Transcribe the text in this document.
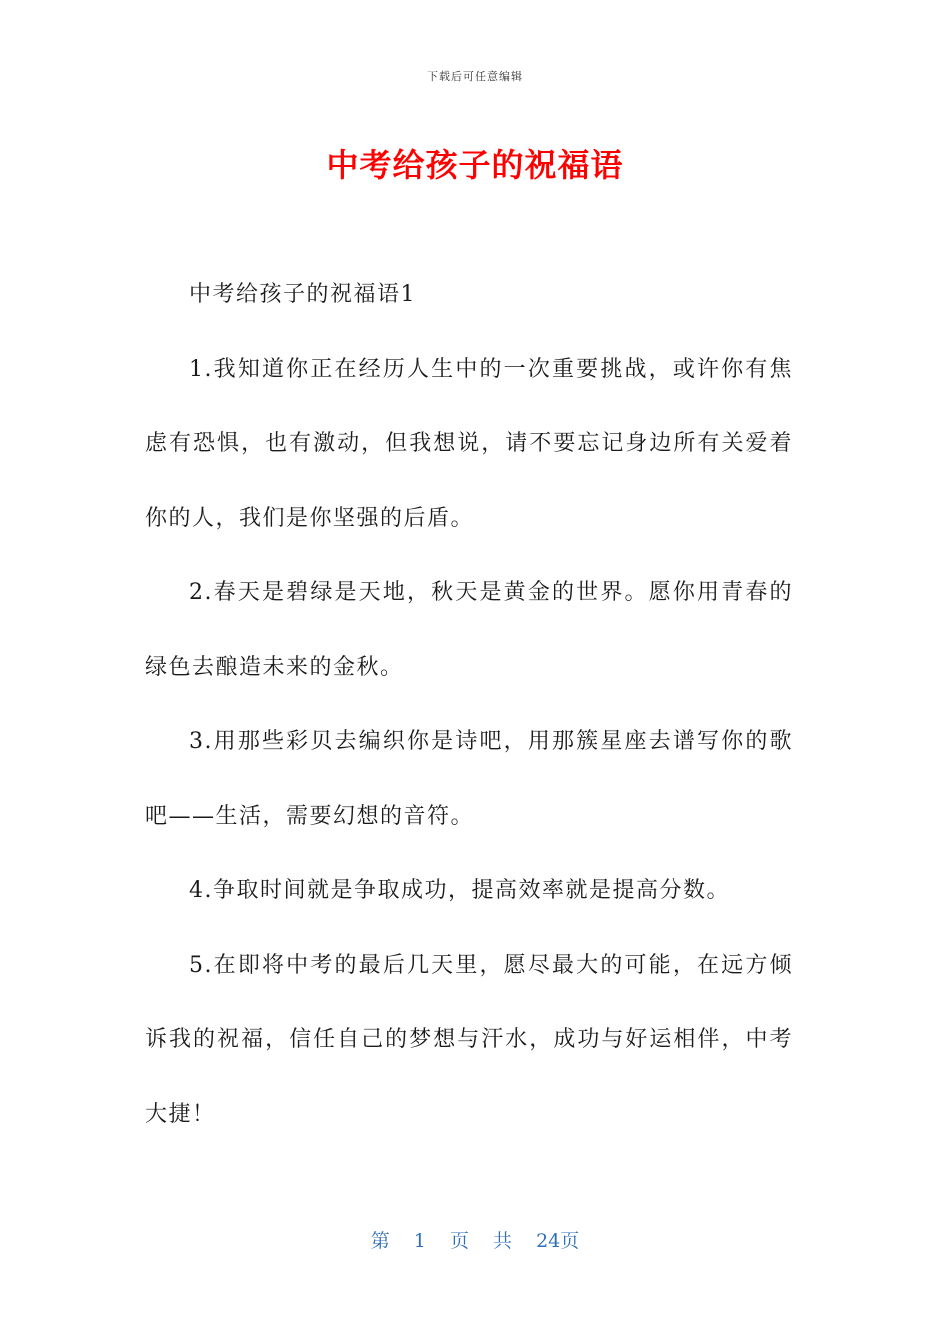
下载后可任意编辑
中考给孩子的祝福语

中考给孩子的祝福语1

1.我知道你正在经历人生中的一次重要挑战，或许你有焦虑有恐惧，也有激动，但我想说，请不要忘记身边所有关爱着你的人，我们是你坚强的后盾。

2.春天是碧绿是天地，秋天是黄金的世界。愿你用青春的绿色去酿造未来的金秋。

3.用那些彩贝去编织你是诗吧，用那簇星座去谱写你的歌吧——生活，需要幻想的音符。

4.争取时间就是争取成功，提高效率就是提高分数。

5.在即将中考的最后几天里，愿尽最大的可能，在远方倾诉我的祝福，信任自己的梦想与汗水，成功与好运相伴，中考大捷！

第 1 页 共 24页
